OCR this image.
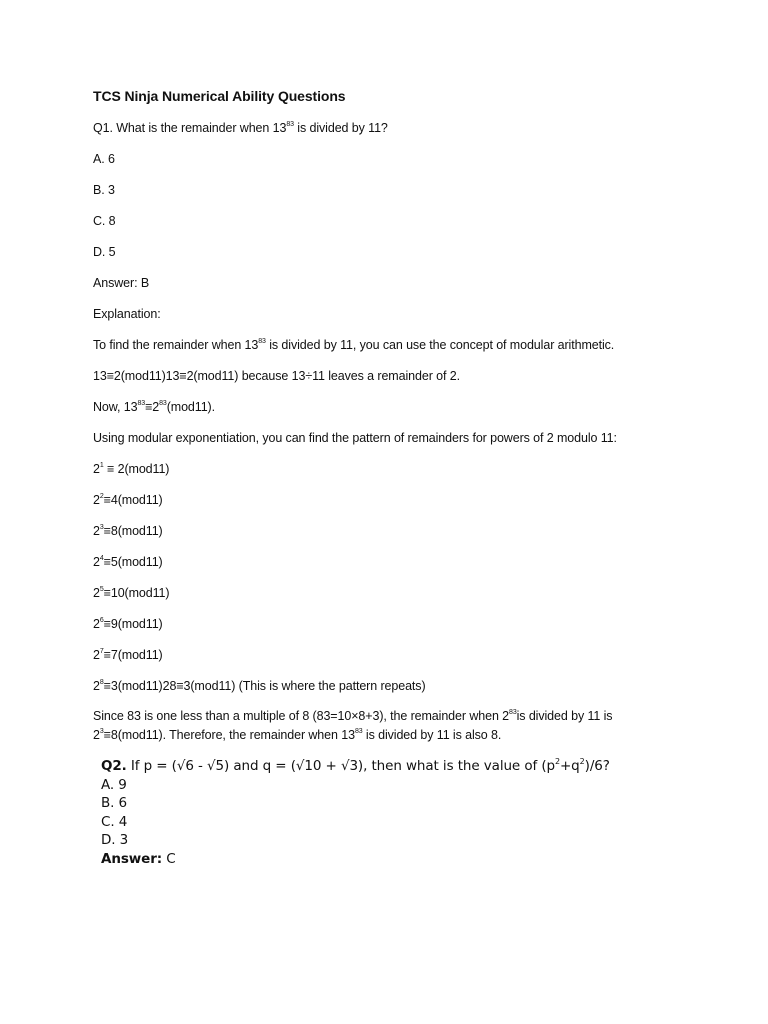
TCS Ninja Numerical Ability Questions
Q1. What is the remainder when $13^{83}$ is divided by 11?
A. 6
B. 3
C. 8
D. 5
Answer: B
Explanation:
To find the remainder when $13^{83}$ is divided by 11, you can use the concept of modular arithmetic.
13≡2(mod11)13≡2(mod11) because 13÷11 leaves a remainder of 2.
Now, $13^{83}\equiv 2^{83}(mod11)$.
Using modular exponentiation, you can find the pattern of remainders for powers of 2 modulo 11:
$2^1 \equiv 2(mod11)$
$2^2\equiv 4(mod11)$
$2^3\equiv 8(mod11)$
$2^4\equiv 5(mod11)$
$2^5\equiv 10(mod11)$
$2^6\equiv 9(mod11)$
$2^7\equiv 7(mod11)$
$2^8\equiv 3(mod11)28\equiv 3(mod11)$ (This is where the pattern repeats)
Since 83 is one less than a multiple of 8 (83=10×8+3), the remainder when $2^{83}is$ divided by 11 is
$2^3\equiv 8(mod11)$. Therefore, the remainder when $13^{83}$ is divided by 11 is also 8.
Q2. If p = (√6 - √5) and q = (√10 + √3), then what is the value of $(p^2+q^2)/6$?
A. 9
B. 6
C. 4
D. 3
Answer: C
